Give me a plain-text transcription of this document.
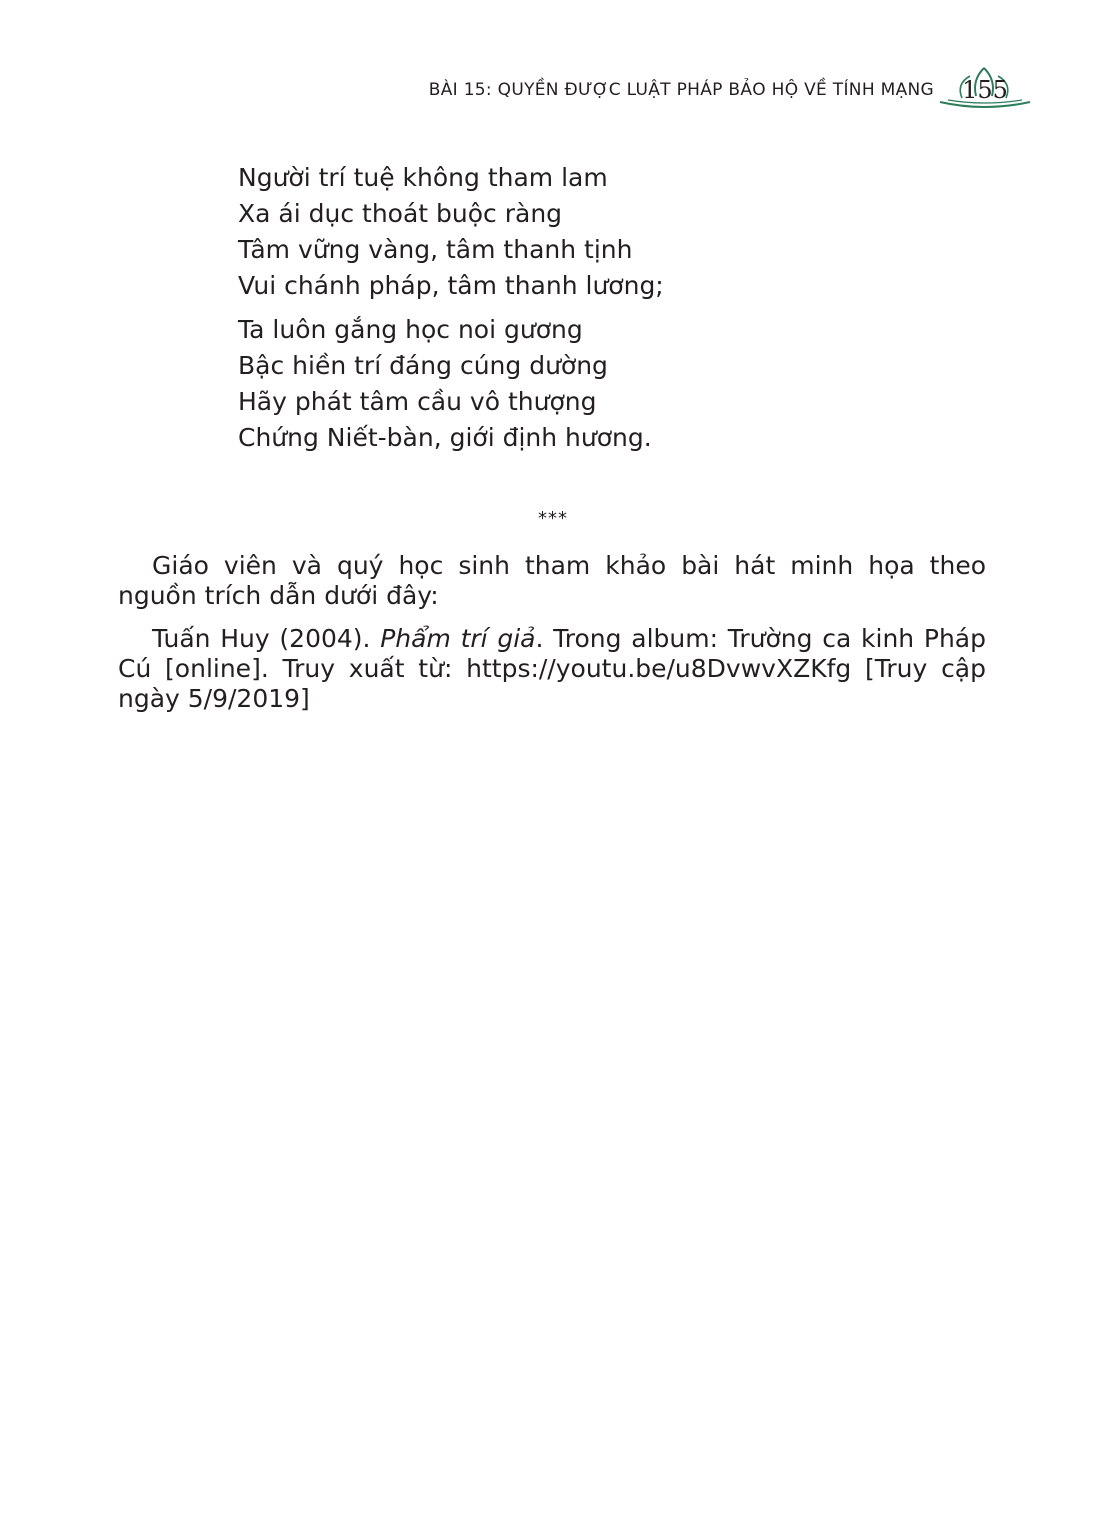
BÀI 15: QUYỀN ĐƯỢC LUẬT PHÁP BẢO HỘ VỀ TÍNH MẠNG 155
Người trí tuệ không tham lam
Xa ái dục thoát buộc ràng
Tâm vững vàng, tâm thanh tịnh
Vui chánh pháp, tâm thanh lương;
Ta luôn gắng học noi gương
Bậc hiền trí đáng cúng dường
Hãy phát tâm cầu vô thượng
Chứng Niết-bàn, giới định hương.
***

Giáo viên và quý học sinh tham khảo bài hát minh họa theo nguồn trích dẫn dưới đây:

Tuấn Huy (2004). Phẩm trí giả. Trong album: Trường ca kinh Pháp Cú [online]. Truy xuất từ: https://youtu.be/u8DvwvXZKfg [Truy cập ngày 5/9/2019]
